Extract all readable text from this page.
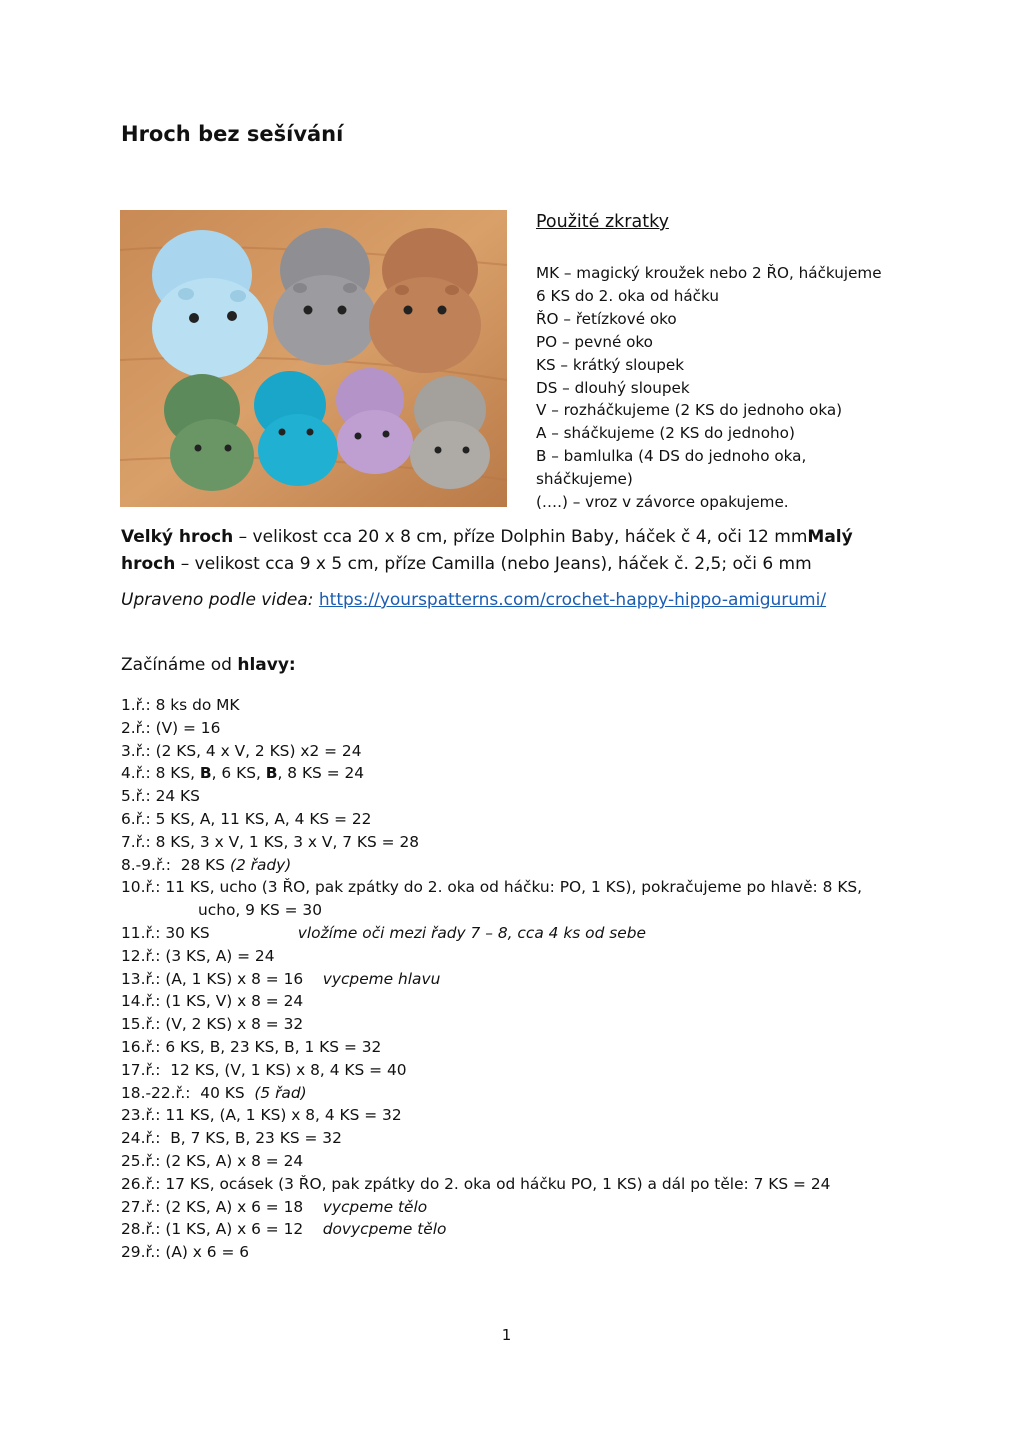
Hroch bez sešívání
Použité zkratky
MK – magický kroužek nebo 2 ŘO, háčkujeme 6 KS do 2. oka od háčku
ŘO – řetízkové oko
PO – pevné oko
KS – krátký sloupek
DS – dlouhý sloupek
V – rozháčkujeme (2 KS do jednoho oka)
A – sháčkujeme (2 KS do jednoho)
B – bamlulka (4 DS do jednoho oka, sháčkujeme)
(….) – vroz v závorce opakujeme.
Velký hroch – velikost cca 20 x 8 cm, příze Dolphin Baby, háček č 4, oči 12 mmMalý hroch – velikost cca 9 x 5 cm, příze Camilla (nebo Jeans), háček č. 2,5; oči 6 mm
Upraveno podle videa: https://yourspatterns.com/crochet-happy-hippo-amigurumi/
Začínáme od hlavy:
1.ř.: 8 ks do MK
2.ř.: (V) = 16
3.ř.: (2 KS, 4 x V, 2 KS) x2 = 24
4.ř.: 8 KS, B, 6 KS, B, 8 KS = 24
5.ř.: 24 KS
6.ř.: 5 KS, A, 11 KS, A, 4 KS = 22
7.ř.: 8 KS, 3 x V, 1 KS, 3 x V, 7 KS = 28
8.-9.ř.:  28 KS (2 řady)
10.ř.: 11 KS, ucho (3 ŘO, pak zpátky do 2. oka od háčku: PO, 1 KS), pokračujeme po hlavě: 8 KS, ucho, 9 KS = 30
11.ř.: 30 KS                  vložíme oči mezi řady 7 – 8, cca 4 ks od sebe
12.ř.: (3 KS, A) = 24
13.ř.: (A, 1 KS) x 8 = 16    vycpeme hlavu
14.ř.: (1 KS, V) x 8 = 24
15.ř.: (V, 2 KS) x 8 = 32
16.ř.: 6 KS, B, 23 KS, B, 1 KS = 32
17.ř.:  12 KS, (V, 1 KS) x 8, 4 KS = 40
18.-22.ř.:  40 KS  (5 řad)
23.ř.: 11 KS, (A, 1 KS) x 8, 4 KS = 32
24.ř.:  B, 7 KS, B, 23 KS = 32
25.ř.: (2 KS, A) x 8 = 24
26.ř.: 17 KS, ocásek (3 ŘO, pak zpátky do 2. oka od háčku PO, 1 KS) a dál po těle: 7 KS = 24
27.ř.: (2 KS, A) x 6 = 18    vycpeme tělo
28.ř.: (1 KS, A) x 6 = 12    dovycpeme tělo
29.ř.: (A) x 6 = 6
1
